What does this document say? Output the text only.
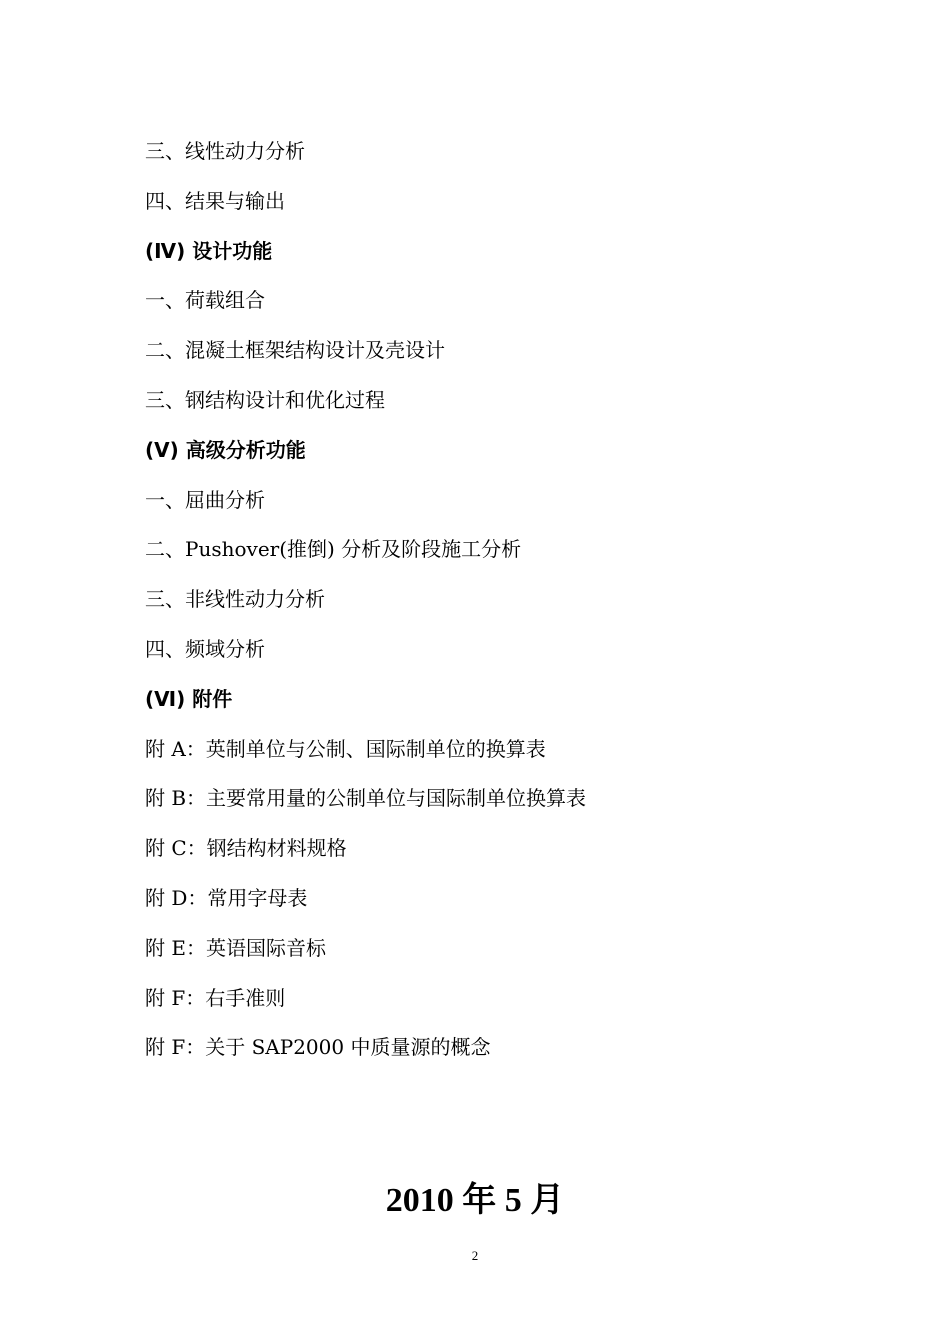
三、线性动力分析
四、结果与输出
(Ⅳ) 设计功能
一、荷载组合
二、混凝土框架结构设计及壳设计
三、钢结构设计和优化过程
(Ⅴ) 高级分析功能
一、屈曲分析
二、Pushover(推倒) 分析及阶段施工分析
三、非线性动力分析
四、频域分析
(Ⅵ) 附件
附 A：英制单位与公制、国际制单位的换算表
附 B：主要常用量的公制单位与国际制单位换算表
附 C：钢结构材料规格
附 D：常用字母表
附 E：英语国际音标
附 F：右手准则
附 F：关于 SAP2000 中质量源的概念
2010 年 5 月
2
